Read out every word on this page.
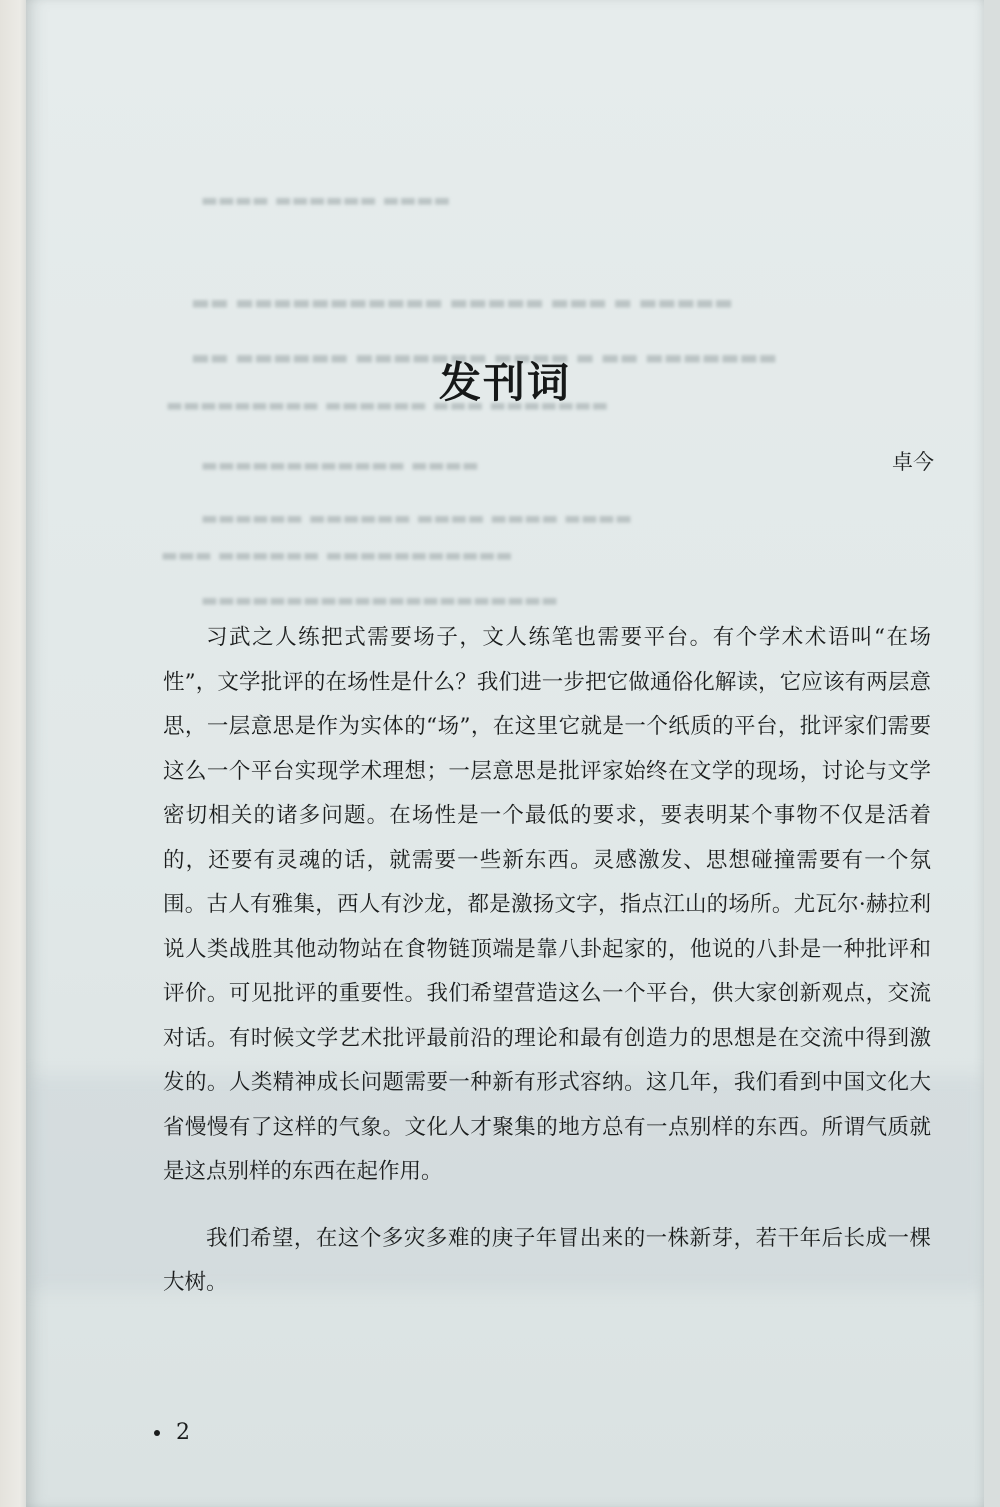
▬▬▬▬ ▬▬▬▬▬▬ ▬▬▬▬
▬▬▬▬▬ ▬ ▬▬▬ ▬▬▬▬▬ ▬▬▬▬▬▬▬▬▬▬▬ ▬▬
▬▬▬▬▬▬▬ ▬▬ ▬ ▬▬▬▬ ▬▬▬▬▬▬▬ ▬▬▬▬▬▬ ▬▬
▬▬▬▬▬▬▬ ▬▬▬ ▬▬▬▬▬▬ ▬▬▬▬▬▬▬▬▬
▬▬▬▬ ▬▬▬▬▬▬▬▬▬▬▬▬
▬▬▬▬ ▬▬▬▬ ▬▬▬▬ ▬▬▬▬▬▬ ▬▬▬▬▬▬
▬▬▬▬▬▬▬▬▬▬▬ ▬▬▬▬▬▬ ▬▬▬
▬▬▬▬▬▬▬▬▬▬▬▬▬▬▬▬▬▬▬▬▬
发刊词
卓今

习武之人练把式需要场子，文人练笔也需要平台。有个学术术语叫“在场性”，文学批评的在场性是什么？我们进一步把它做通俗化解读，它应该有两层意思，一层意思是作为实体的“场”，在这里它就是一个纸质的平台，批评家们需要这么一个平台实现学术理想；一层意思是批评家始终在文学的现场，讨论与文学密切相关的诸多问题。在场性是一个最低的要求，要表明某个事物不仅是活着的，还要有灵魂的话，就需要一些新东西。灵感激发、思想碰撞需要有一个氛围。古人有雅集，西人有沙龙，都是激扬文字，指点江山的场所。尤瓦尔·赫拉利说人类战胜其他动物站在食物链顶端是靠八卦起家的，他说的八卦是一种批评和评价。可见批评的重要性。我们希望营造这么一个平台，供大家创新观点，交流对话。有时候文学艺术批评最前沿的理论和最有创造力的思想是在交流中得到激发的。人类精神成长问题需要一种新有形式容纳。这几年，我们看到中国文化大省慢慢有了这样的气象。文化人才聚集的地方总有一点别样的东西。所谓气质就是这点别样的东西在起作用。

我们希望，在这个多灾多难的庚子年冒出来的一株新芽，若干年后长成一棵大树。

2
